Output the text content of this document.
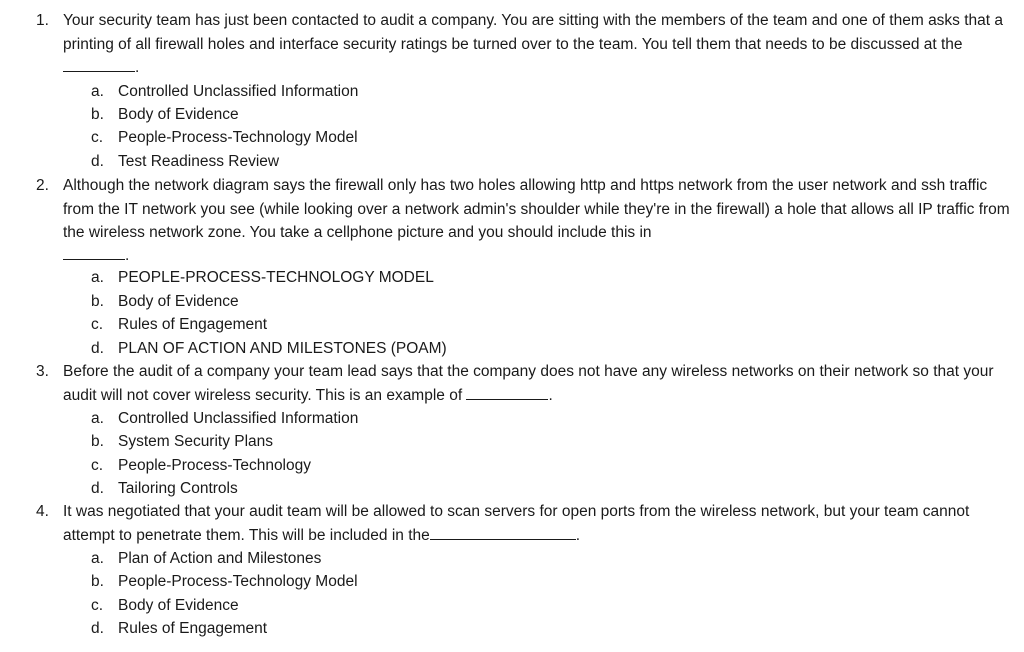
1. Your security team has just been contacted to audit a company. You are sitting with the members of the team and one of them asks that a printing of all firewall holes and interface security ratings be turned over to the team. You tell them that needs to be discussed at the .
a. Controlled Unclassified Information
b. Body of Evidence
c. People-Process-Technology Model
d. Test Readiness Review
2. Although the network diagram says the firewall only has two holes allowing http and https network from the user network and ssh traffic from the IT network you see (while looking over a network admin's shoulder while they're in the firewall) a hole that allows all IP traffic from the wireless network zone. You take a cellphone picture and you should include this in
.
a. PEOPLE-PROCESS-TECHNOLOGY MODEL
b. Body of Evidence
c. Rules of Engagement
d. PLAN OF ACTION AND MILESTONES (POAM)
3. Before the audit of a company your team lead says that the company does not have any wireless networks on their network so that your audit will not cover wireless security. This is an example of	.
a. Controlled Unclassified Information
b. System Security Plans
c. People-Process-Technology
d. Tailoring Controls
4. It was negotiated that your audit team will be allowed to scan servers for open ports from the wireless network, but your team cannot attempt to penetrate them. This will be included in the	.
a. Plan of Action and Milestones
b. People-Process-Technology Model
c. Body of Evidence
d. Rules of Engagement
